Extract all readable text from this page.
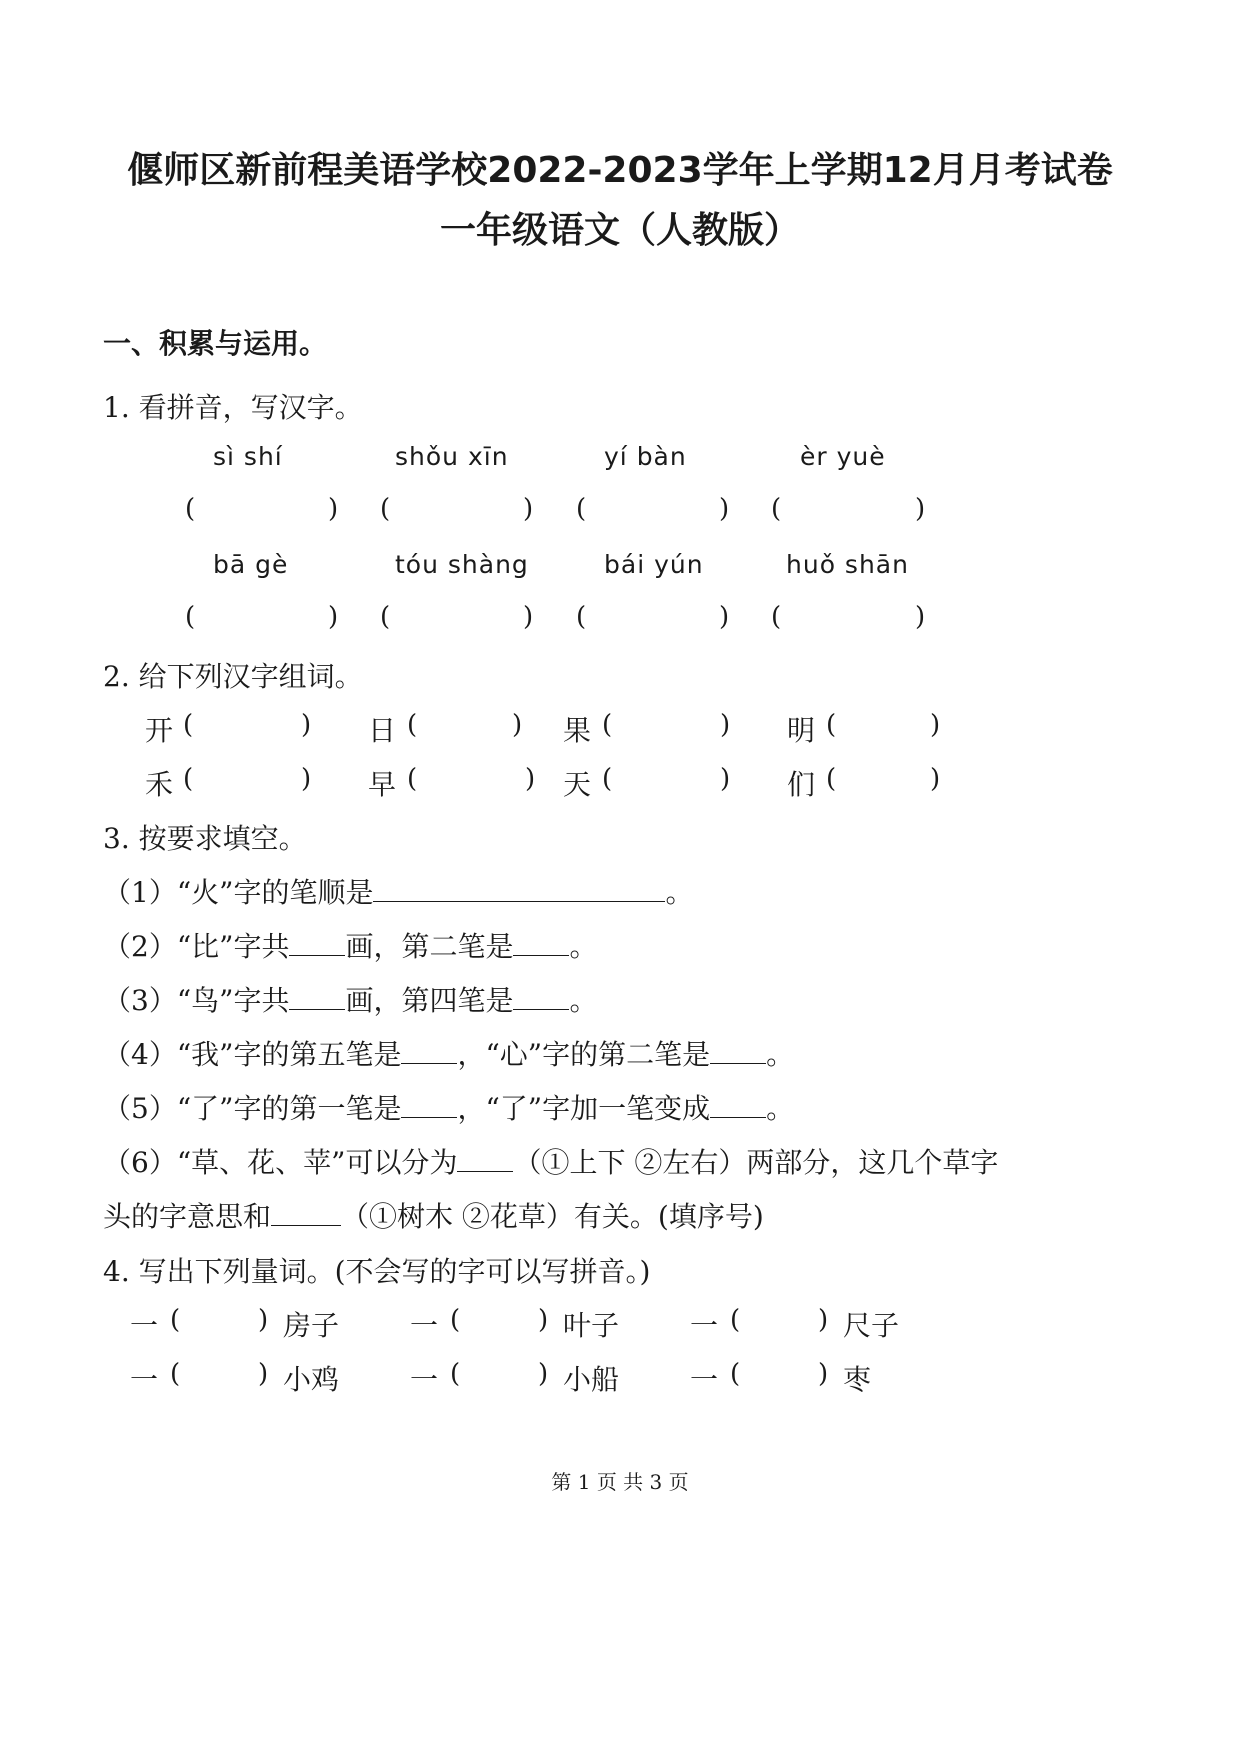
偃师区新前程美语学校2022-2023学年上学期12月月考试卷
一年级语文（人教版）
一、积累与运用。
1. 看拼音，写汉字。
sì shí	shǒu xīn	yí bàn	èr yuè
(	) (	) (	) (	)
bā gè	tóu shàng	bái yún	huǒ shān
(	) (	) (	) (	)
2. 给下列汉字组词。
开 (	) 日 (	) 果 (	) 明 (	)
禾 (	) 早 (	) 天 (	) 们 (	)
3. 按要求填空。
（1）“火”字的笔顺是	。
（2）“比”字共 画，第二笔是 。
（3）“鸟”字共 画，第四笔是 。
（4）“我”字的第五笔是 ，“心”字的第二笔是 。
（5）“了”字的第一笔是 ，“了”字加一笔变成 。
（6）“草、花、苹”可以分为 （①上下 ②左右）两部分，这几个草字
头的字意思和	（①树木 ②花草）有关。(填序号)
4. 写出下列量词。(不会写的字可以写拼音。)
一 (	) 房子	一 (	) 叶子	一 (	) 尺子
一 (	) 小鸡	一 (	) 小船	一 (	) 枣
第 1 页 共 3 页
